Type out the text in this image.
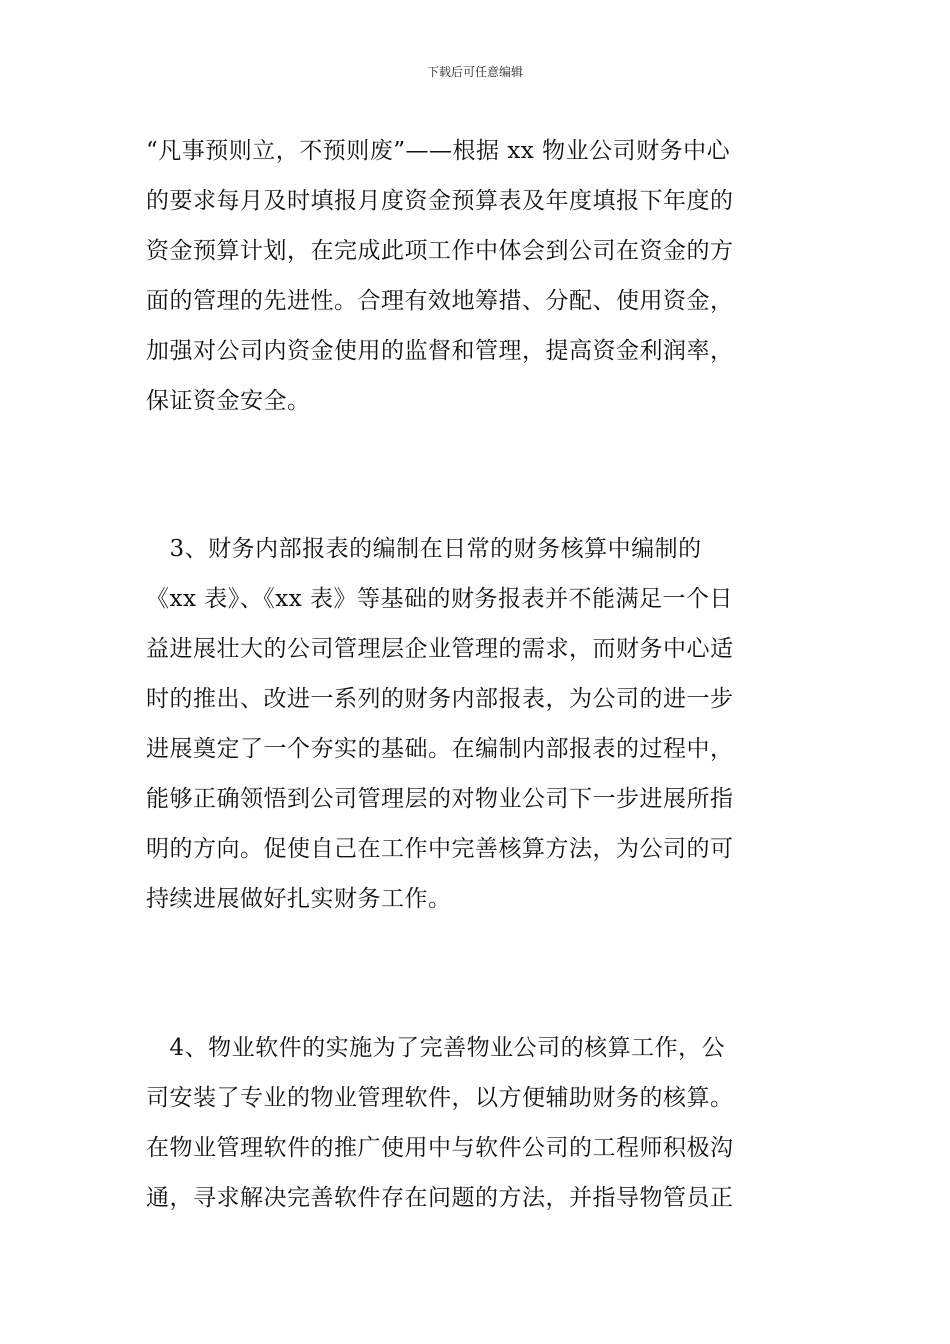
下载后可任意编辑
“凡事预则立，不预则废”——根据 xx 物业公司财务中心
的要求每月及时填报月度资金预算表及年度填报下年度的
资金预算计划，在完成此项工作中体会到公司在资金的方
面的管理的先进性。合理有效地筹措、分配、使用资金，
加强对公司内资金使用的监督和管理，提高资金利润率，
保证资金安全。
　3、财务内部报表的编制在日常的财务核算中编制的
《xx 表》、《xx 表》等基础的财务报表并不能满足一个日
益进展壮大的公司管理层企业管理的需求，而财务中心适
时的推出、改进一系列的财务内部报表，为公司的进一步
进展奠定了一个夯实的基础。在编制内部报表的过程中，
能够正确领悟到公司管理层的对物业公司下一步进展所指
明的方向。促使自己在工作中完善核算方法，为公司的可
持续进展做好扎实财务工作。
　4、物业软件的实施为了完善物业公司的核算工作，公
司安装了专业的物业管理软件，以方便辅助财务的核算。
在物业管理软件的推广使用中与软件公司的工程师积极沟
通，寻求解决完善软件存在问题的方法，并指导物管员正
